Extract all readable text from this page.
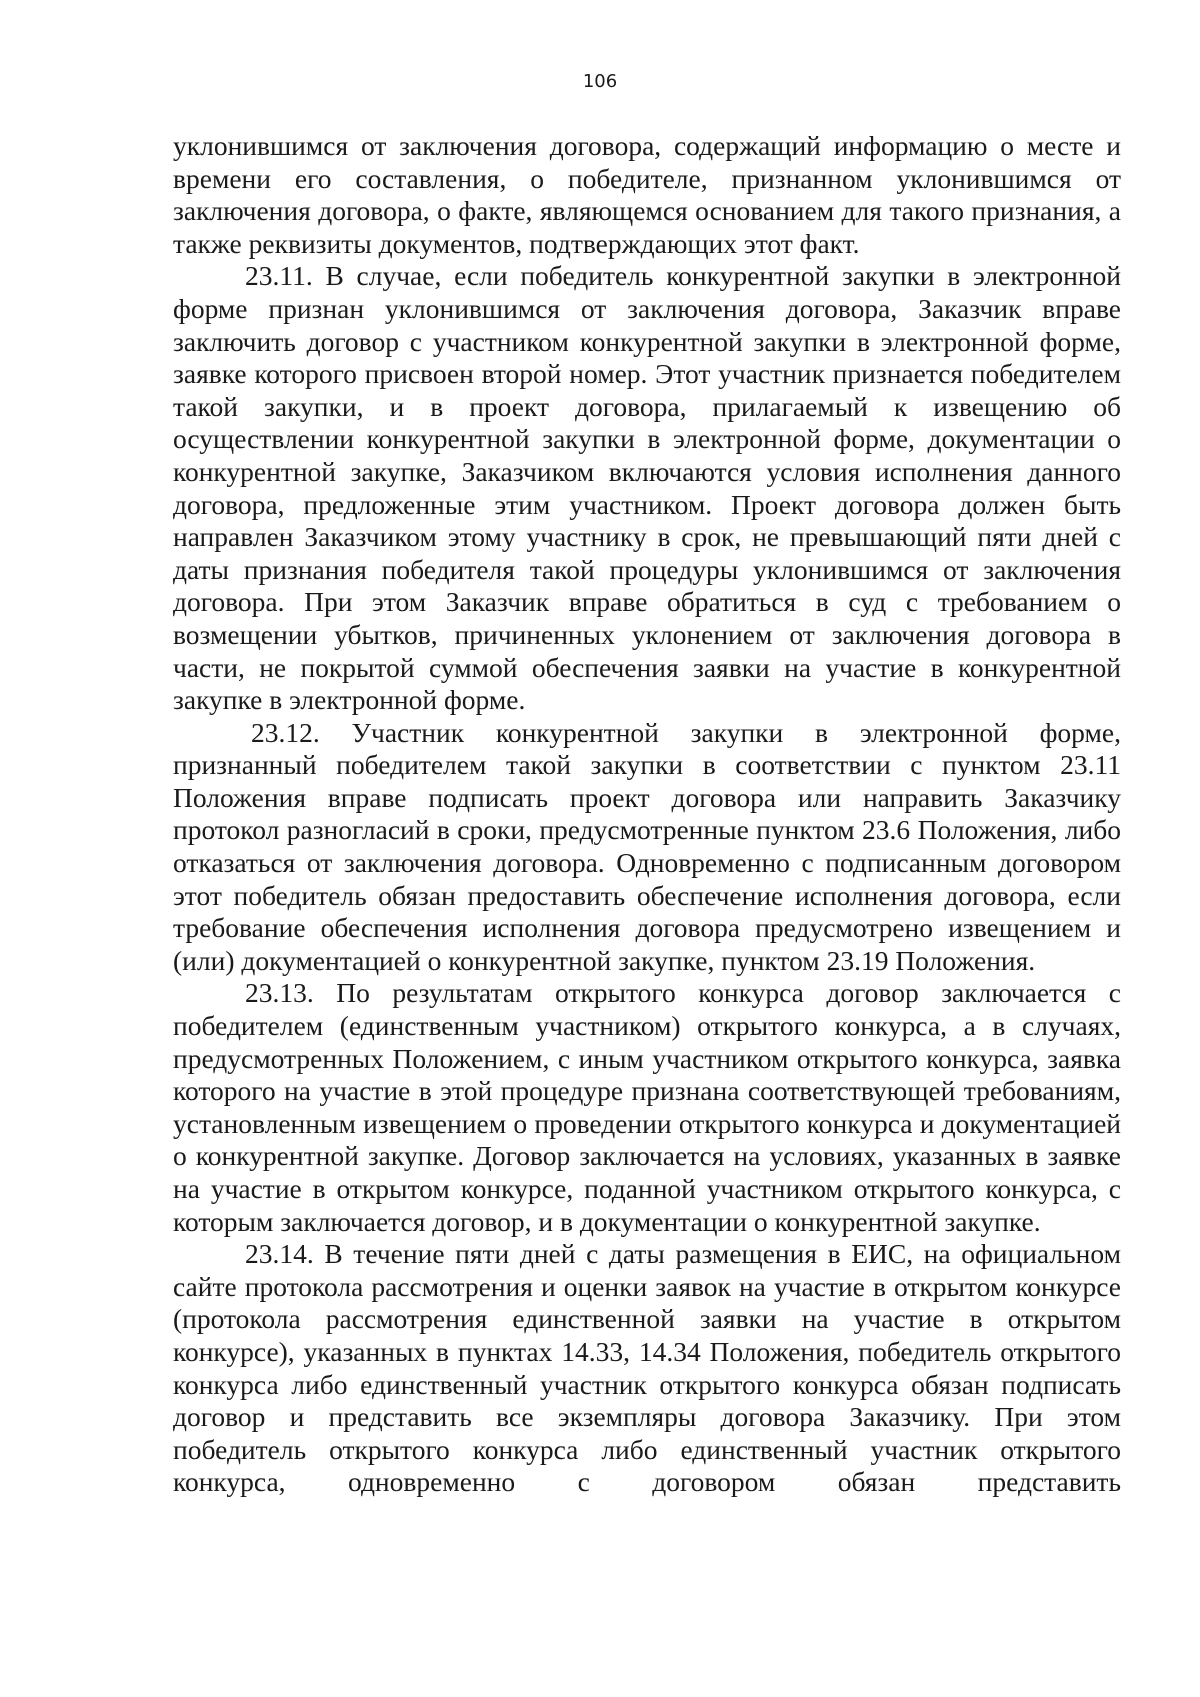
106

уклонившимся от заключения договора, содержащий информацию о месте и времени его составления, о победителе, признанном уклонившимся от заключения договора, о факте, являющемся основанием для такого признания, а также реквизиты документов, подтверждающих этот факт.

23.11. В случае, если победитель конкурентной закупки в электронной форме признан уклонившимся от заключения договора, Заказчик вправе заключить договор с участником конкурентной закупки в электронной форме, заявке которого присвоен второй номер. Этот участник признается победителем такой закупки, и в проект договора, прилагаемый к извещению об осуществлении конкурентной закупки в электронной форме, документации о конкурентной закупке, Заказчиком включаются условия исполнения данного договора, предложенные этим участником. Проект договора должен быть направлен Заказчиком этому участнику в срок, не превышающий пяти дней с даты признания победителя такой процедуры уклонившимся от заключения договора. При этом Заказчик вправе обратиться в суд с требованием о возмещении убытков, причиненных уклонением от заключения договора в части, не покрытой суммой обеспечения заявки на участие в конкурентной закупке в электронной форме.

23.12. Участник конкурентной закупки в электронной форме, признанный победителем такой закупки в соответствии с пунктом 23.11 Положения вправе подписать проект договора или направить Заказчику протокол разногласий в сроки, предусмотренные пунктом 23.6 Положения, либо отказаться от заключения договора. Одновременно с подписанным договором этот победитель обязан предоставить обеспечение исполнения договора, если требование обеспечения исполнения договора предусмотрено извещением и (или) документацией о конкурентной закупке, пунктом 23.19 Положения.

23.13. По результатам открытого конкурса договор заключается с победителем (единственным участником) открытого конкурса, а в случаях, предусмотренных Положением, с иным участником открытого конкурса, заявка которого на участие в этой процедуре признана соответствующей требованиям, установленным извещением о проведении открытого конкурса и документацией о конкурентной закупке. Договор заключается на условиях, указанных в заявке на участие в открытом конкурсе, поданной участником открытого конкурса, с которым заключается договор, и в документации о конкурентной закупке.

23.14. В течение пяти дней с даты размещения в ЕИС, на официальном сайте протокола рассмотрения и оценки заявок на участие в открытом конкурсе (протокола рассмотрения единственной заявки на участие в открытом конкурсе), указанных в пунктах 14.33, 14.34 Положения, победитель открытого конкурса либо единственный участник открытого конкурса обязан подписать договор и представить все экземпляры договора Заказчику. При этом победитель открытого конкурса либо единственный участник открытого конкурса, одновременно с договором обязан представить
